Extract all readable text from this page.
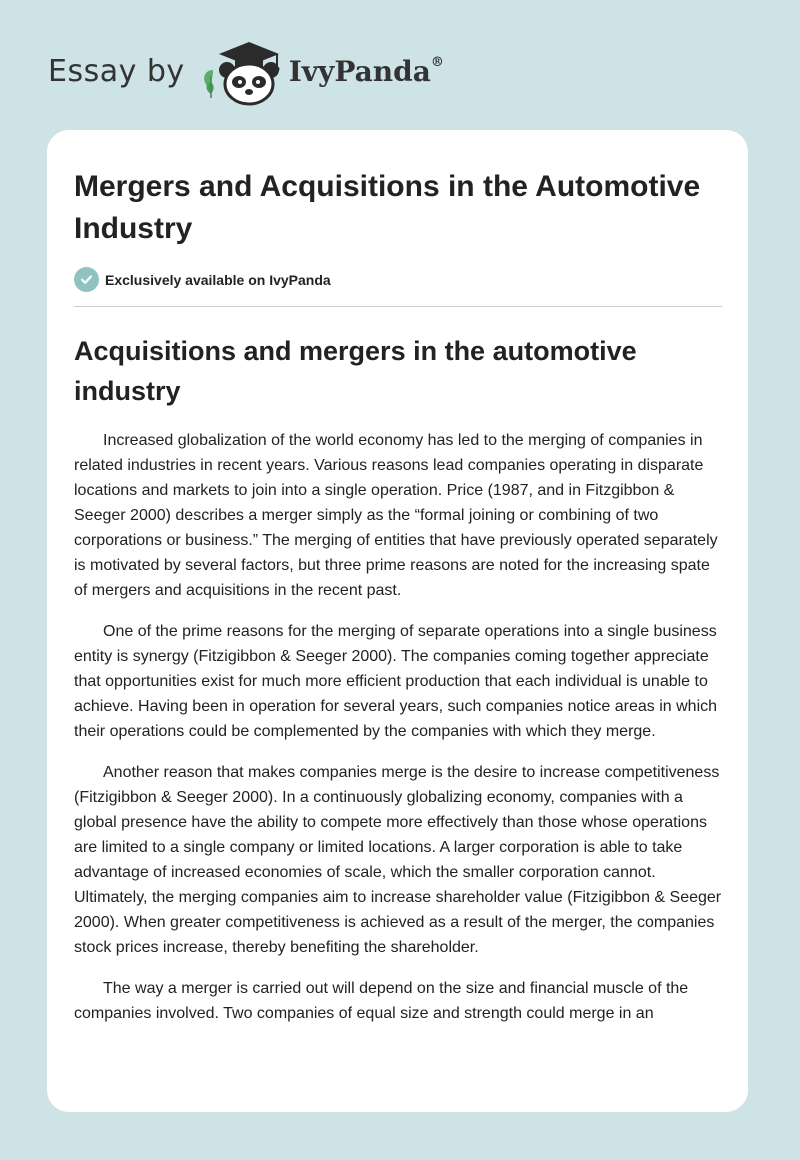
Essay by	IvyPanda®
Mergers and Acquisitions in the Automotive Industry
Exclusively available on IvyPanda
Acquisitions and mergers in the automotive industry

Increased globalization of the world economy has led to the merging of companies in related industries in recent years. Various reasons lead companies operating in disparate locations and markets to join into a single operation. Price (1987, and in Fitzgibbon & Seeger 2000) describes a merger simply as the “formal joining or combining of two corporations or business.” The merging of entities that have previously operated separately is motivated by several factors, but three prime reasons are noted for the increasing spate of mergers and acquisitions in the recent past.

One of the prime reasons for the merging of separate operations into a single business entity is synergy (Fitzigibbon & Seeger 2000). The companies coming together appreciate that opportunities exist for much more efficient production that each individual is unable to achieve. Having been in operation for several years, such companies notice areas in which their operations could be complemented by the companies with which they merge.

Another reason that makes companies merge is the desire to increase competitiveness (Fitzigibbon & Seeger 2000). In a continuously globalizing economy, companies with a global presence have the ability to compete more effectively than those whose operations are limited to a single company or limited locations. A larger corporation is able to take advantage of increased economies of scale, which the smaller corporation cannot. Ultimately, the merging companies aim to increase shareholder value (Fitzigibbon & Seeger 2000). When greater competitiveness is achieved as a result of the merger, the companies stock prices increase, thereby benefiting the shareholder.

The way a merger is carried out will depend on the size and financial muscle of the companies involved. Two companies of equal size and strength could merge in an
